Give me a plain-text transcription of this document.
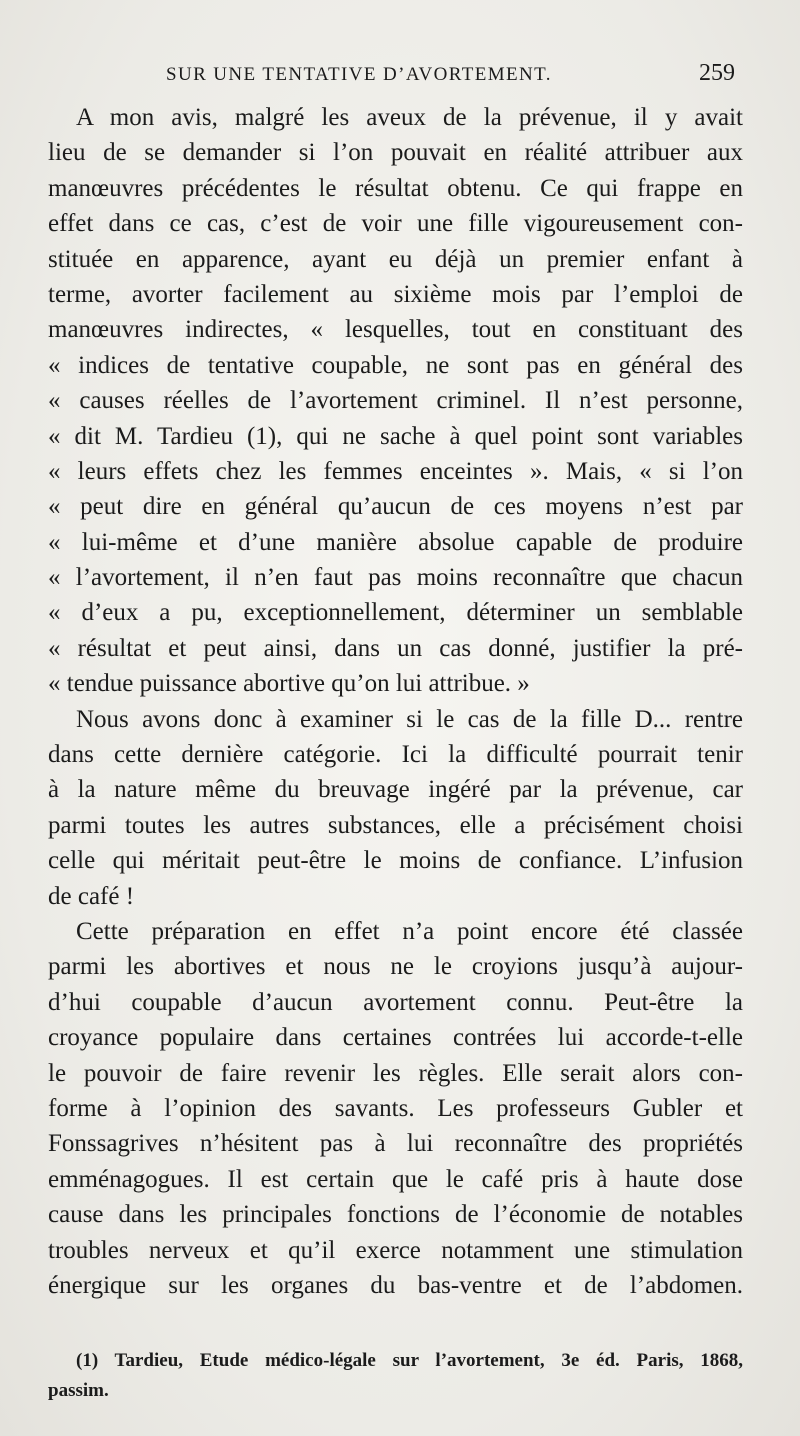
SUR UNE TENTATIVE D’AVORTEMENT.	259
A mon avis, malgré les aveux de la prévenue, il y avait
lieu de se demander si l’on pouvait en réalité attribuer aux
manœuvres précédentes le résultat obtenu. Ce qui frappe en
effet dans ce cas, c’est de voir une fille vigoureusement con-
stituée en apparence, ayant eu déjà un premier enfant à
terme, avorter facilement au sixième mois par l’emploi de
manœuvres indirectes, « lesquelles, tout en constituant des
« indices de tentative coupable, ne sont pas en général des
« causes réelles de l’avortement criminel. Il n’est personne,
« dit M. Tardieu (1), qui ne sache à quel point sont variables
« leurs effets chez les femmes enceintes ». Mais, « si l’on
« peut dire en général qu’aucun de ces moyens n’est par
« lui-même et d’une manière absolue capable de produire
« l’avortement, il n’en faut pas moins reconnaître que chacun
« d’eux a pu, exceptionnellement, déterminer un semblable
« résultat et peut ainsi, dans un cas donné, justifier la pré-
« tendue puissance abortive qu’on lui attribue. »
Nous avons donc à examiner si le cas de la fille D... rentre
dans cette dernière catégorie. Ici la difficulté pourrait tenir
à la nature même du breuvage ingéré par la prévenue, car
parmi toutes les autres substances, elle a précisément choisi
celle qui méritait peut-être le moins de confiance. L’infusion
de café !
Cette préparation en effet n’a point encore été classée
parmi les abortives et nous ne le croyions jusqu’à aujour-
d’hui coupable d’aucun avortement connu. Peut-être la
croyance populaire dans certaines contrées lui accorde-t-elle
le pouvoir de faire revenir les règles. Elle serait alors con-
forme à l’opinion des savants. Les professeurs Gubler et
Fonssagrives n’hésitent pas à lui reconnaître des propriétés
emménagogues. Il est certain que le café pris à haute dose
cause dans les principales fonctions de l’économie de notables
troubles nerveux et qu’il exerce notamment une stimulation
énergique sur les organes du bas-ventre et de l’abdomen.
(1) Tardieu, Etude médico-légale sur l’avortement, 3e éd. Paris, 1868,
passim.
